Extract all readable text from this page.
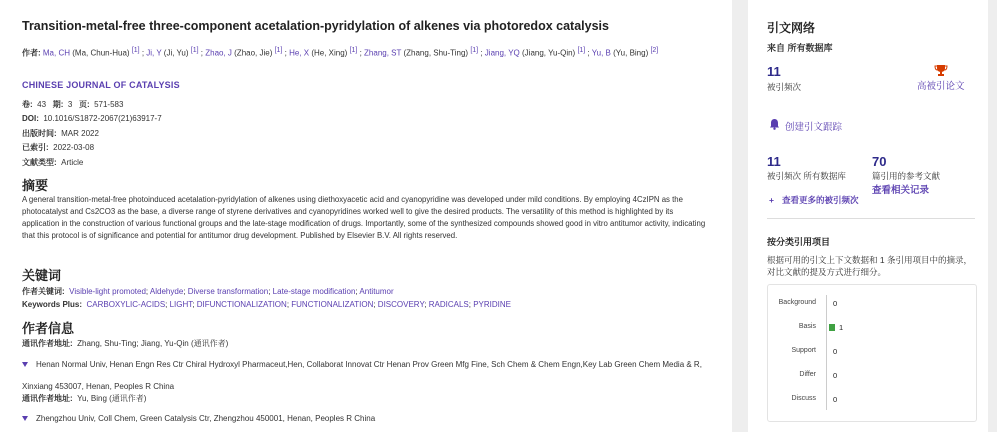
Transition-metal-free three-component acetalation-pyridylation of alkenes via photoredox catalysis
作者: Ma, CH (Ma, Chun-Hua) [1] ; Ji, Y (Ji, Yu) [1] ; Zhao, J (Zhao, Jie) [1] ; He, X (He, Xing) [1] ; Zhang, ST (Zhang, Shu-Ting) [1] ; Jiang, YQ (Jiang, Yu-Qin) [1] ; Yu, B (Yu, Bing) [2]
CHINESE JOURNAL OF CATALYSIS
卷: 43 期: 3 页: 571-583
DOI: 10.1016/S1872-2067(21)63917-7
出版时间: MAR 2022
已索引: 2022-03-08
文献类型: Article
摘要
A general transition-metal-free photoinduced acetalation-pyridylation of alkenes using diethoxyacetic acid and cyanopyridine was developed under mild conditions. By employing 4CzIPN as the photocatalyst and Cs2CO3 as the base, a diverse range of styrene derivatives and cyanopyridines worked well to give the desired products. The versatility of this method is highlighted by its application in the construction of various functional groups and the late-stage modification of drugs. Importantly, some of the synthesized compounds showed good in vitro antitumor activity, indicating that this protocol is of significance and potential for antitumor drug development. Published by Elsevier B.V. All rights reserved.
关键词
作者关键词: Visible-light promoted; Aldehyde; Diverse transformation; Late-stage modification; Antitumor
Keywords Plus: CARBOXYLIC-ACIDS; LIGHT; DIFUNCTIONALIZATION; FUNCTIONALIZATION; DISCOVERY; RADICALS; PYRIDINE
作者信息
通讯作者地址: Zhang, Shu-Ting; Jiang, Yu-Qin (通讯作者)
Henan Normal Univ, Henan Engn Res Ctr Chiral Hydroxyl Pharmaceut,Hen, Collaborat Innovat Ctr Henan Prov Green Mfg Fine, Sch Chem & Chem Engn,Key Lab Green Chem Media & R, Xinxiang 453007, Henan, Peoples R China
通讯作者地址: Yu, Bing (通讯作者)
Zhengzhou Univ, Coll Chem, Green Catalysis Ctr, Zhengzhou 450001, Henan, Peoples R China
引文网络
来自 所有数据库
11
被引频次	高被引论文
创建引文跟踪
11
被引频次 所有数据库
70
篇引用的参考文献
查看相关记录
+ 查看更多的被引频次
按分类引用项目
根据可用的引文上下文数据和 1 条引用项目中的摘录，对比文献的提及方式进行细分。
Background 0
Basis	1
Support 0
Differ 0
Discuss 0
